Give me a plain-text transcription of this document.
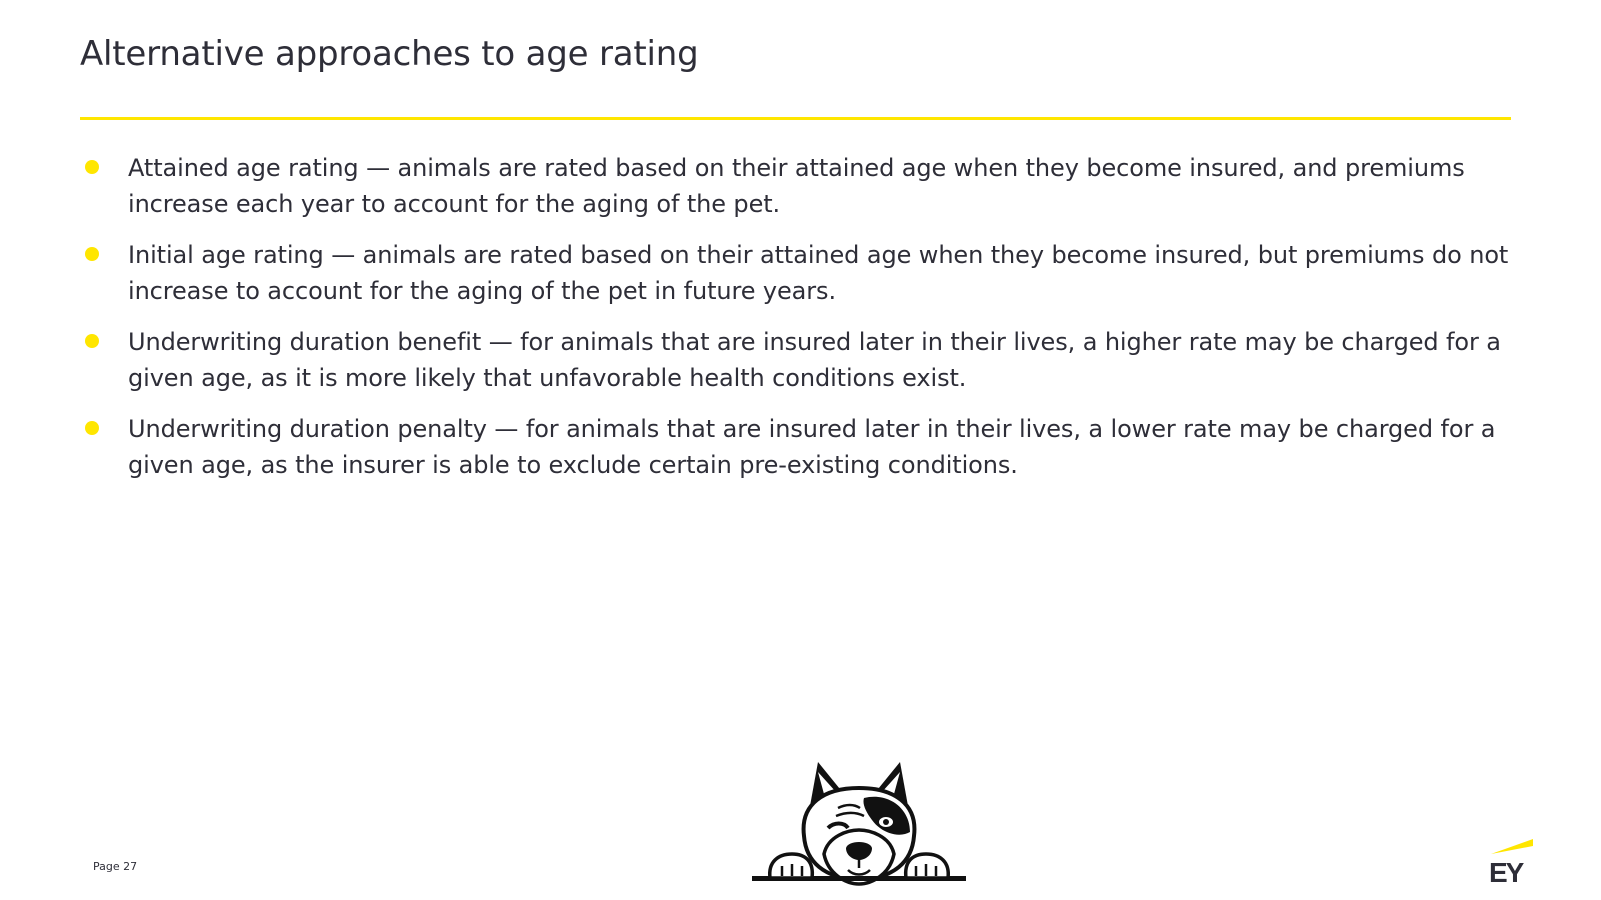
Alternative approaches to age rating
Attained age rating — animals are rated based on their attained age when they become insured, and premiums increase each year to account for the aging of the pet.
Initial age rating — animals are rated based on their attained age when they become insured, but premiums do not increase to account for the aging of the pet in future years.
Underwriting duration benefit — for animals that are insured later in their lives, a higher rate may be charged for a given age, as it is more likely that unfavorable health conditions exist.
Underwriting duration penalty — for animals that are insured later in their lives, a lower rate may be charged for a given age, as the insurer is able to exclude certain pre-existing conditions.
Page 27	EY
